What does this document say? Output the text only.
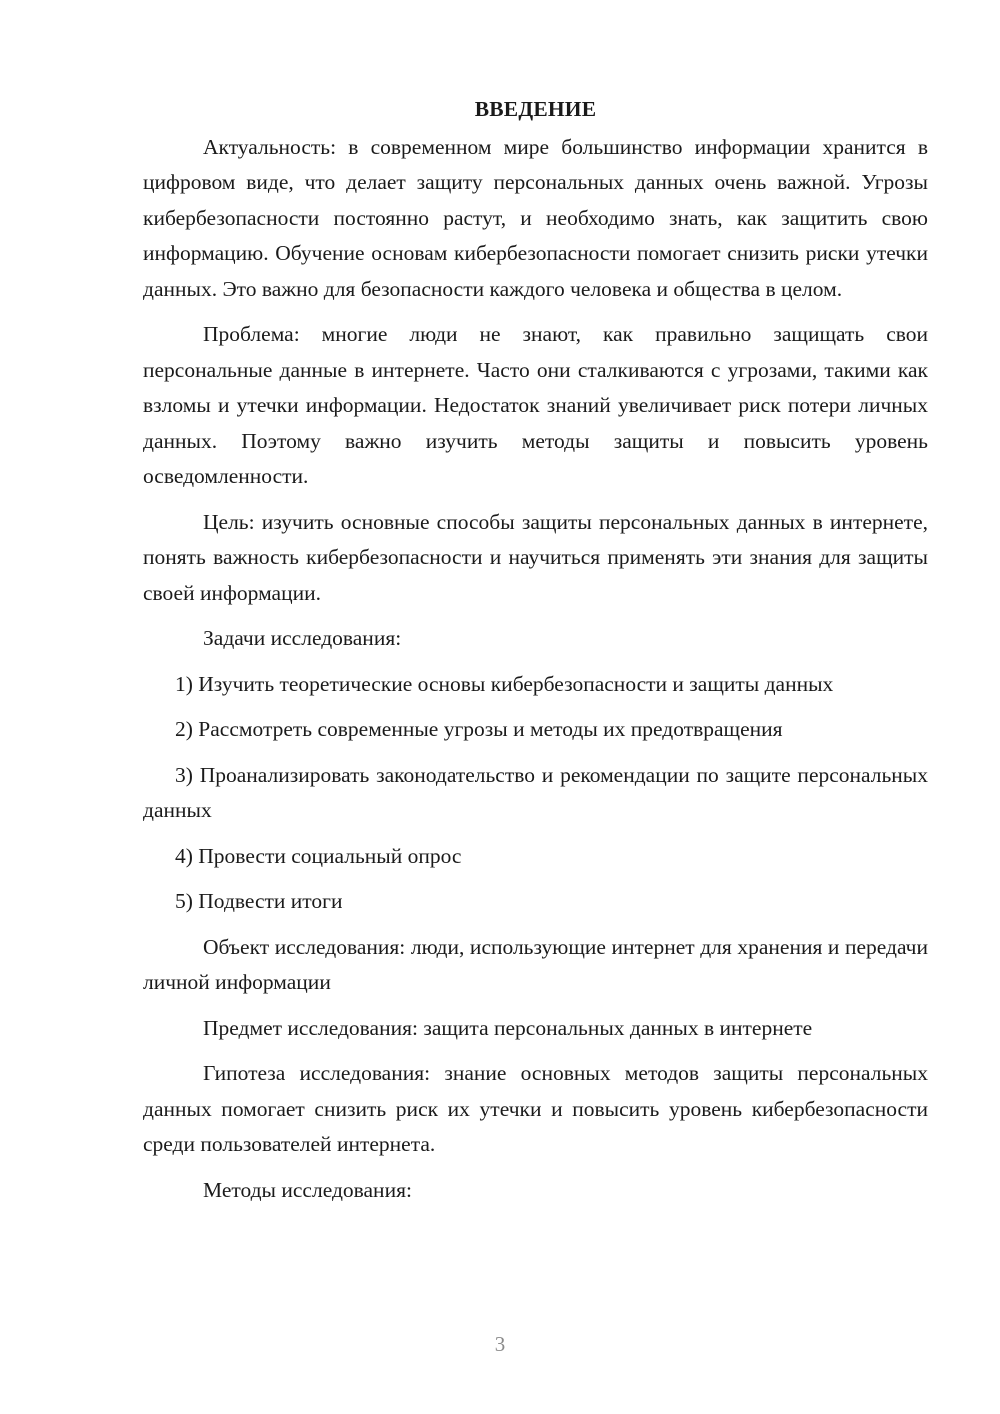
ВВЕДЕНИЕ

Актуальность: в современном мире большинство информации хранится в цифровом виде, что делает защиту персональных данных очень важной. Угрозы кибербезопасности постоянно растут, и необходимо знать, как защитить свою информацию. Обучение основам кибербезопасности помогает снизить риски утечки данных. Это важно для безопасности каждого человека и общества в целом.

Проблема: многие люди не знают, как правильно защищать свои персональные данные в интернете. Часто они сталкиваются с угрозами, такими как взломы и утечки информации. Недостаток знаний увеличивает риск потери личных данных. Поэтому важно изучить методы защиты и повысить уровень осведомленности.

Цель: изучить основные способы защиты персональных данных в интернете, понять важность кибербезопасности и научиться применять эти знания для защиты своей информации.

Задачи исследования:

1) Изучить теоретические основы кибербезопасности и защиты данных

2) Рассмотреть современные угрозы и методы их предотвращения

3) Проанализировать законодательство и рекомендации по защите персональных данных

4) Провести социальный опрос

5) Подвести итоги

Объект исследования: люди, использующие интернет для хранения и передачи личной информации

Предмет исследования: защита персональных данных в интернете

Гипотеза исследования: знание основных методов защиты персональных данных помогает снизить риск их утечки и повысить уровень кибербезопасности среди пользователей интернета.

Методы исследования:

3
